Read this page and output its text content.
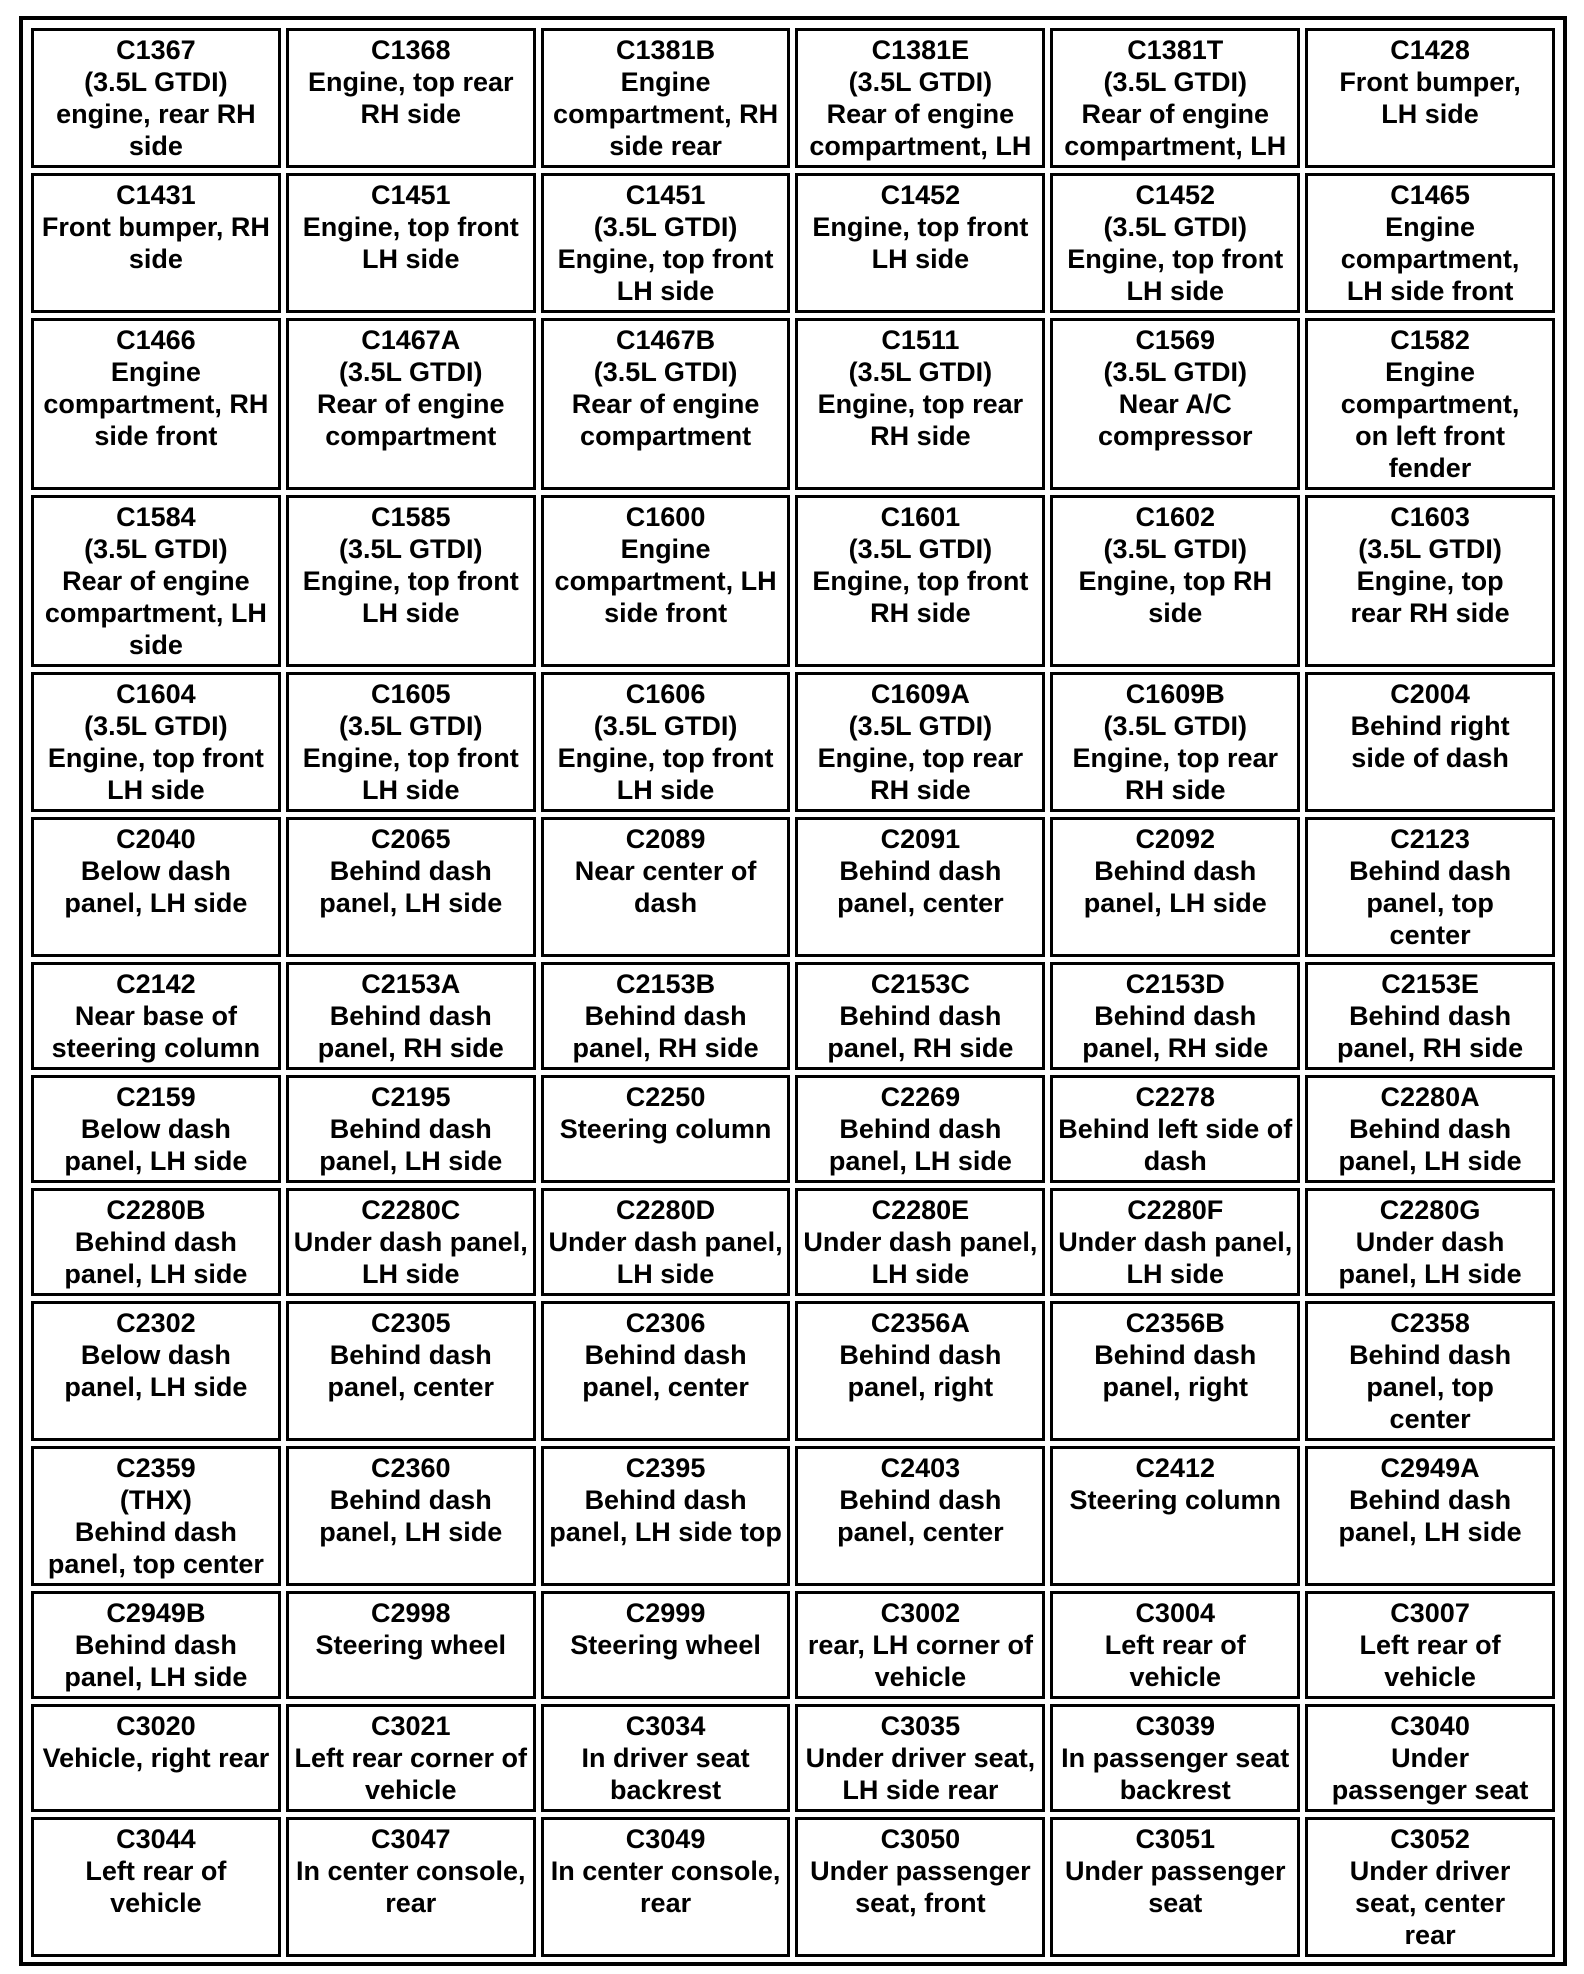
C1367
(3.5L GTDI)
engine, rear RH
side	C1368
Engine, top rear
RH side	C1381B
Engine
compartment, RH
side rear	C1381E
(3.5L GTDI)
Rear of engine
compartment, LH	C1381T
(3.5L GTDI)
Rear of engine
compartment, LH	C1428
Front bumper,
LH side

C1431
Front bumper, RH
side	C1451
Engine, top front
LH side	C1451
(3.5L GTDI)
Engine, top front
LH side	C1452
Engine, top front
LH side	C1452
(3.5L GTDI)
Engine, top front
LH side	C1465
Engine
compartment,
LH side front

C1466
Engine
compartment, RH
side front	C1467A
(3.5L GTDI)
Rear of engine
compartment	C1467B
(3.5L GTDI)
Rear of engine
compartment	C1511
(3.5L GTDI)
Engine, top rear
RH side	C1569
(3.5L GTDI)
Near A/C
compressor	C1582
Engine
compartment,
on left front
fender

C1584
(3.5L GTDI)
Rear of engine
compartment, LH
side	C1585
(3.5L GTDI)
Engine, top front
LH side	C1600
Engine
compartment, LH
side front	C1601
(3.5L GTDI)
Engine, top front
RH side	C1602
(3.5L GTDI)
Engine, top RH
side	C1603
(3.5L GTDI)
Engine, top
rear RH side

C1604
(3.5L GTDI)
Engine, top front
LH side	C1605
(3.5L GTDI)
Engine, top front
LH side	C1606
(3.5L GTDI)
Engine, top front
LH side	C1609A
(3.5L GTDI)
Engine, top rear
RH side	C1609B
(3.5L GTDI)
Engine, top rear
RH side	C2004
Behind right
side of dash

C2040
Below dash
panel, LH side	C2065
Behind dash
panel, LH side	C2089
Near center of
dash	C2091
Behind dash
panel, center	C2092
Behind dash
panel, LH side	C2123
Behind dash
panel, top
center

C2142
Near base of
steering column	C2153A
Behind dash
panel, RH side	C2153B
Behind dash
panel, RH side	C2153C
Behind dash
panel, RH side	C2153D
Behind dash
panel, RH side	C2153E
Behind dash
panel, RH side

C2159
Below dash
panel, LH side	C2195
Behind dash
panel, LH side	C2250
Steering column	C2269
Behind dash
panel, LH side	C2278
Behind left side of
dash	C2280A
Behind dash
panel, LH side

C2280B
Behind dash
panel, LH side	C2280C
Under dash panel,
LH side	C2280D
Under dash panel,
LH side	C2280E
Under dash panel,
LH side	C2280F
Under dash panel,
LH side	C2280G
Under dash
panel, LH side

C2302
Below dash
panel, LH side	C2305
Behind dash
panel, center	C2306
Behind dash
panel, center	C2356A
Behind dash
panel, right	C2356B
Behind dash
panel, right	C2358
Behind dash
panel, top
center

C2359
(THX)
Behind dash
panel, top center	C2360
Behind dash
panel, LH side	C2395
Behind dash
panel, LH side top	C2403
Behind dash
panel, center	C2412
Steering column	C2949A
Behind dash
panel, LH side

C2949B
Behind dash
panel, LH side	C2998
Steering wheel	C2999
Steering wheel	C3002
rear, LH corner of
vehicle	C3004
Left rear of
vehicle	C3007
Left rear of
vehicle

C3020
Vehicle, right rear	C3021
Left rear corner of
vehicle	C3034
In driver seat
backrest	C3035
Under driver seat,
LH side rear	C3039
In passenger seat
backrest	C3040
Under
passenger seat

C3044
Left rear of
vehicle	C3047
In center console,
rear	C3049
In center console,
rear	C3050
Under passenger
seat, front	C3051
Under passenger
seat	C3052
Under driver
seat, center
rear
